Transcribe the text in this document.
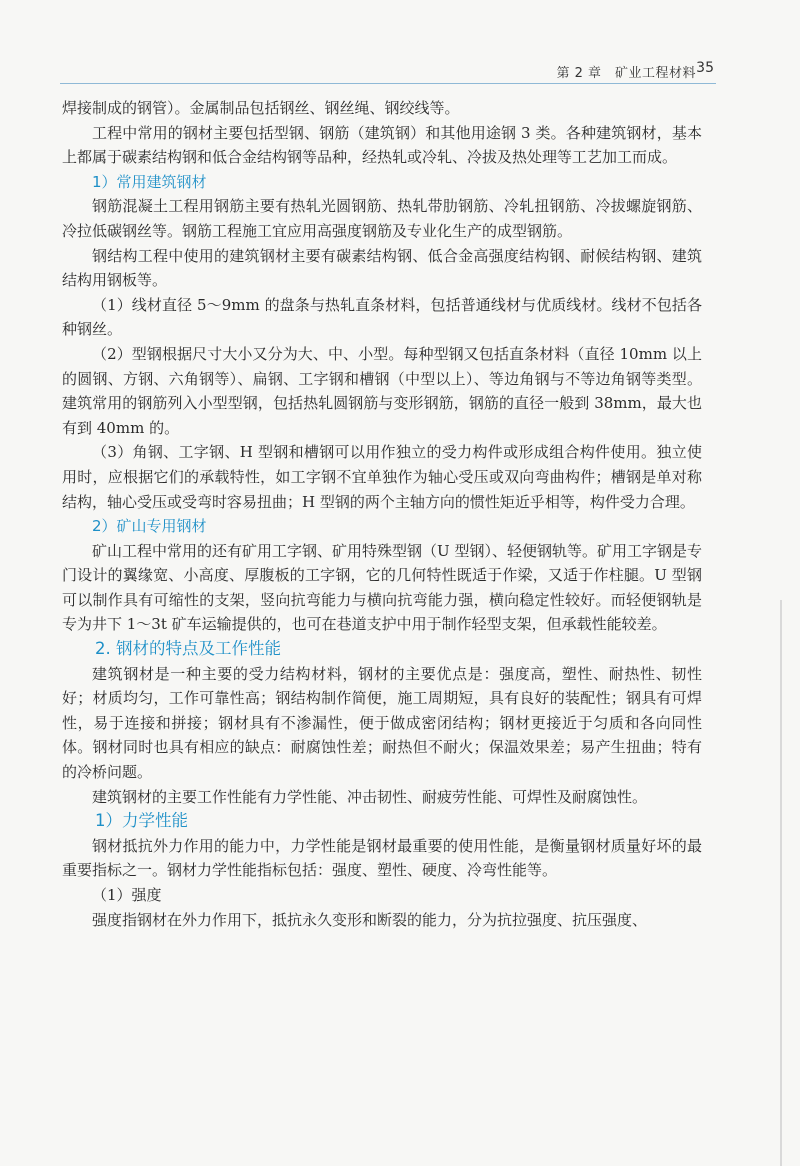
第 2 章　矿业工程材料 35

焊接制成的钢管）。金属制品包括钢丝、钢丝绳、钢绞线等。

工程中常用的钢材主要包括型钢、钢筋（建筑钢）和其他用途钢 3 类。各种建筑钢材，基本上都属于碳素结构钢和低合金结构钢等品种，经热轧或冷轧、冷拔及热处理等工艺加工而成。

1）常用建筑钢材

钢筋混凝土工程用钢筋主要有热轧光圆钢筋、热轧带肋钢筋、冷轧扭钢筋、冷拔螺旋钢筋、冷拉低碳钢丝等。钢筋工程施工宜应用高强度钢筋及专业化生产的成型钢筋。

钢结构工程中使用的建筑钢材主要有碳素结构钢、低合金高强度结构钢、耐候结构钢、建筑结构用钢板等。

（1）线材直径 5～9mm 的盘条与热轧直条材料，包括普通线材与优质线材。线材不包括各种钢丝。

（2）型钢根据尺寸大小又分为大、中、小型。每种型钢又包括直条材料（直径 10mm 以上的圆钢、方钢、六角钢等）、扁钢、工字钢和槽钢（中型以上）、等边角钢与不等边角钢等类型。建筑常用的钢筋列入小型型钢，包括热轧圆钢筋与变形钢筋，钢筋的直径一般到 38mm，最大也有到 40mm 的。

（3）角钢、工字钢、H 型钢和槽钢可以用作独立的受力构件或形成组合构件使用。独立使用时，应根据它们的承载特性，如工字钢不宜单独作为轴心受压或双向弯曲构件；槽钢是单对称结构，轴心受压或受弯时容易扭曲；H 型钢的两个主轴方向的惯性矩近乎相等，构件受力合理。

2）矿山专用钢材

矿山工程中常用的还有矿用工字钢、矿用特殊型钢（U 型钢）、轻便钢轨等。矿用工字钢是专门设计的翼缘宽、小高度、厚腹板的工字钢，它的几何特性既适于作梁，又适于作柱腿。U 型钢可以制作具有可缩性的支架，竖向抗弯能力与横向抗弯能力强，横向稳定性较好。而轻便钢轨是专为井下 1～3t 矿车运输提供的，也可在巷道支护中用于制作轻型支架，但承载性能较差。

2. 钢材的特点及工作性能

建筑钢材是一种主要的受力结构材料，钢材的主要优点是：强度高，塑性、耐热性、韧性好；材质均匀，工作可靠性高；钢结构制作简便，施工周期短，具有良好的装配性；钢具有可焊性，易于连接和拼接；钢材具有不渗漏性，便于做成密闭结构；钢材更接近于匀质和各向同性体。钢材同时也具有相应的缺点：耐腐蚀性差；耐热但不耐火；保温效果差；易产生扭曲；特有的冷桥问题。

建筑钢材的主要工作性能有力学性能、冲击韧性、耐疲劳性能、可焊性及耐腐蚀性。

1）力学性能

钢材抵抗外力作用的能力中，力学性能是钢材最重要的使用性能，是衡量钢材质量好坏的最重要指标之一。钢材力学性能指标包括：强度、塑性、硬度、冷弯性能等。

（1）强度

强度指钢材在外力作用下，抵抗永久变形和断裂的能力，分为抗拉强度、抗压强度、
